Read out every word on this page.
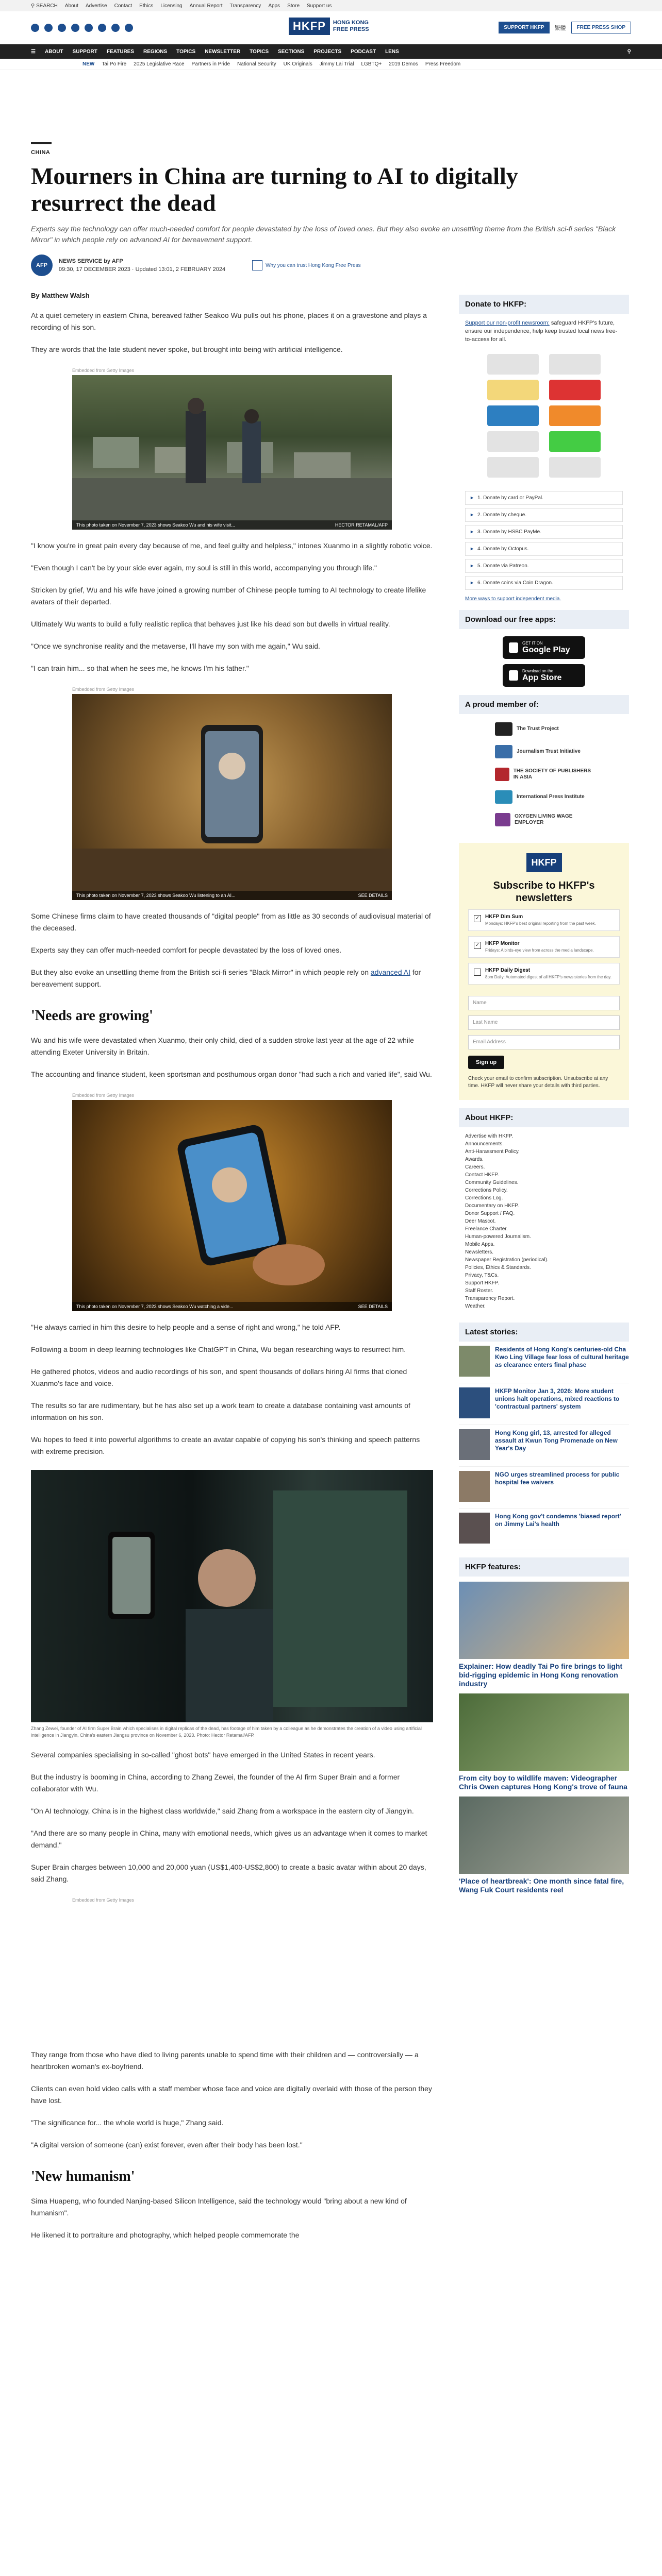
⚲ SEARCH About Advertise Contact Ethics Licensing Annual Report Transparency Apps Store Support us
HKFP	HONG KONG
FREE PRESS	SUPPORT HKFP	繁體	FREE PRESS SHOP
☰ ABOUT SUPPORT FEATURES REGIONS TOPICS NEWSLETTER TOPICS SECTIONS PROJECTS PODCAST LENS	⚲
NEW Tai Po Fire 2025 Legislative Race Partners in Pride National Security UK Originals Jimmy Lai Trial LGBTQ+ 2019 Demos Press Freedom
CHINA
Mourners in China are turning to AI to digitally resurrect the dead
Experts say the technology can offer much-needed comfort for people devastated by the loss of loved ones. But they also evoke an unsettling theme from the British sci-fi series "Black Mirror" in which people rely on advanced AI for bereavement support.
AFP
NEWS SERVICE by AFP
09:30, 17 DECEMBER 2023 · Updated 13:01, 2 FEBRUARY 2024
Why you can trust Hong Kong Free Press
By Matthew Walsh

At a quiet cemetery in eastern China, bereaved father Seakoo Wu pulls out his phone, places it on a gravestone and plays a recording of his son.

They are words that the late student never spoke, but brought into being with artificial intelligence.

Embedded from Getty Images
This photo taken on November 7, 2023 shows Seakoo Wu and his wife visit...	HECTOR RETAMAL/AFP

"I know you're in great pain every day because of me, and feel guilty and helpless," intones Xuanmo in a slightly robotic voice.

"Even though I can't be by your side ever again, my soul is still in this world, accompanying you through life."

Stricken by grief, Wu and his wife have joined a growing number of Chinese people turning to AI technology to create lifelike avatars of their departed.

Ultimately Wu wants to build a fully realistic replica that behaves just like his dead son but dwells in virtual reality.

"Once we synchronise reality and the metaverse, I'll have my son with me again," Wu said.

"I can train him... so that when he sees me, he knows I'm his father."

Embedded from Getty Images
This photo taken on November 7, 2023 shows Seakoo Wu listening to an AI...	SEE DETAILS

Some Chinese firms claim to have created thousands of "digital people" from as little as 30 seconds of audiovisual material of the deceased.

Experts say they can offer much-needed comfort for people devastated by the loss of loved ones.

But they also evoke an unsettling theme from the British sci-fi series "Black Mirror" in which people rely on advanced AI for bereavement support.

'Needs are growing'

Wu and his wife were devastated when Xuanmo, their only child, died of a sudden stroke last year at the age of 22 while attending Exeter University in Britain.

The accounting and finance student, keen sportsman and posthumous organ donor "had such a rich and varied life", said Wu.

Embedded from Getty Images
This photo taken on November 7, 2023 shows Seakoo Wu watching a vide...	SEE DETAILS

"He always carried in him this desire to help people and a sense of right and wrong," he told AFP.

Following a boom in deep learning technologies like ChatGPT in China, Wu began researching ways to resurrect him.

He gathered photos, videos and audio recordings of his son, and spent thousands of dollars hiring AI firms that cloned Xuanmo's face and voice.

The results so far are rudimentary, but he has also set up a work team to create a database containing vast amounts of information on his son.

Wu hopes to feed it into powerful algorithms to create an avatar capable of copying his son's thinking and speech patterns with extreme precision.

Zhang Zewei, founder of AI firm Super Brain which specialises in digital replicas of the dead, has footage of him taken by a colleague as he demonstrates the creation of a video using artificial intelligence in Jiangyin, China's eastern Jiangsu province on November 6, 2023. Photo: Hector Retamal/AFP.

Several companies specialising in so-called "ghost bots" have emerged in the United States in recent years.

But the industry is booming in China, according to Zhang Zewei, the founder of the AI firm Super Brain and a former collaborator with Wu.

"On AI technology, China is in the highest class worldwide," said Zhang from a workspace in the eastern city of Jiangyin.

"And there are so many people in China, many with emotional needs, which gives us an advantage when it comes to market demand."

Super Brain charges between 10,000 and 20,000 yuan (US$1,400-US$2,800) to create a basic avatar within about 20 days, said Zhang.

Embedded from Getty Images

They range from those who have died to living parents unable to spend time with their children and — controversially — a heartbroken woman's ex-boyfriend.

Clients can even hold video calls with a staff member whose face and voice are digitally overlaid with those of the person they have lost.

"The significance for... the whole world is huge," Zhang said.

"A digital version of someone (can) exist forever, even after their body has been lost."

'New humanism'

Sima Huapeng, who founded Nanjing-based Silicon Intelligence, said the technology would "bring about a new kind of humanism".

He likened it to portraiture and photography, which helped people commemorate the

Donate to HKFP:
Support our non-profit newsroom: safeguard HKFP's future, ensure our independence, help keep trusted local news free-to-access for all.
▸ 1. Donate by card or PayPal.
▸ 2. Donate by cheque.
▸ 3. Donate by HSBC PayMe.
▸ 4. Donate by Octopus.
▸ 5. Donate via Patreon.
▸ 6. Donate coins via Coin Dragon.
More ways to support independent media.
Download our free apps:
GET IT ON
Google Play
Download on the
App Store
A proud member of:
The Trust Project
Journalism Trust Initiative
THE SOCIETY OF PUBLISHERS IN ASIA
International Press Institute
OXYGEN LIVING WAGE EMPLOYER
HKFP
Subscribe to HKFP's newsletters
✓ HKFP Dim Sum
Mondays: HKFP's best original reporting from the past week.
✓ HKFP Monitor
Fridays: A birds-eye view from across the media landscape.
HKFP Daily Digest
8pm Daily: Automated digest of all HKFP's news stories from the day.
Name
Last Name
Email Address
Sign up
Check your email to confirm subscription. Unsubscribe at any time. HKFP will never share your details with third parties.
About HKFP:
Advertise with HKFP.
Announcements.
Anti-Harassment Policy.
Awards.
Careers.
Contact HKFP.
Community Guidelines.
Corrections Policy.
Corrections Log.
Documentary on HKFP.
Donor Support / FAQ.
Deer Mascot.
Freelance Charter.
Human-powered Journalism.
Mobile Apps.
Newsletters.
Newspaper Registration (periodical).
Policies, Ethics & Standards.
Privacy, T&Cs.
Support HKFP.
Staff Roster.
Transparency Report.
Weather.
Latest stories:
Residents of Hong Kong's centuries-old Cha Kwo Ling Village fear loss of cultural heritage as clearance enters final phase
HKFP Monitor Jan 3, 2026: More student unions halt operations, mixed reactions to 'contractual partners' system
Hong Kong girl, 13, arrested for alleged assault at Kwun Tong Promenade on New Year's Day
NGO urges streamlined process for public hospital fee waivers
Hong Kong gov't condemns 'biased report' on Jimmy Lai's health
HKFP features:
Explainer: How deadly Tai Po fire brings to light bid-rigging epidemic in Hong Kong renovation industry
From city boy to wildlife maven: Videographer Chris Owen captures Hong Kong's trove of fauna
'Place of heartbreak': One month since fatal fire, Wang Fuk Court residents reel
